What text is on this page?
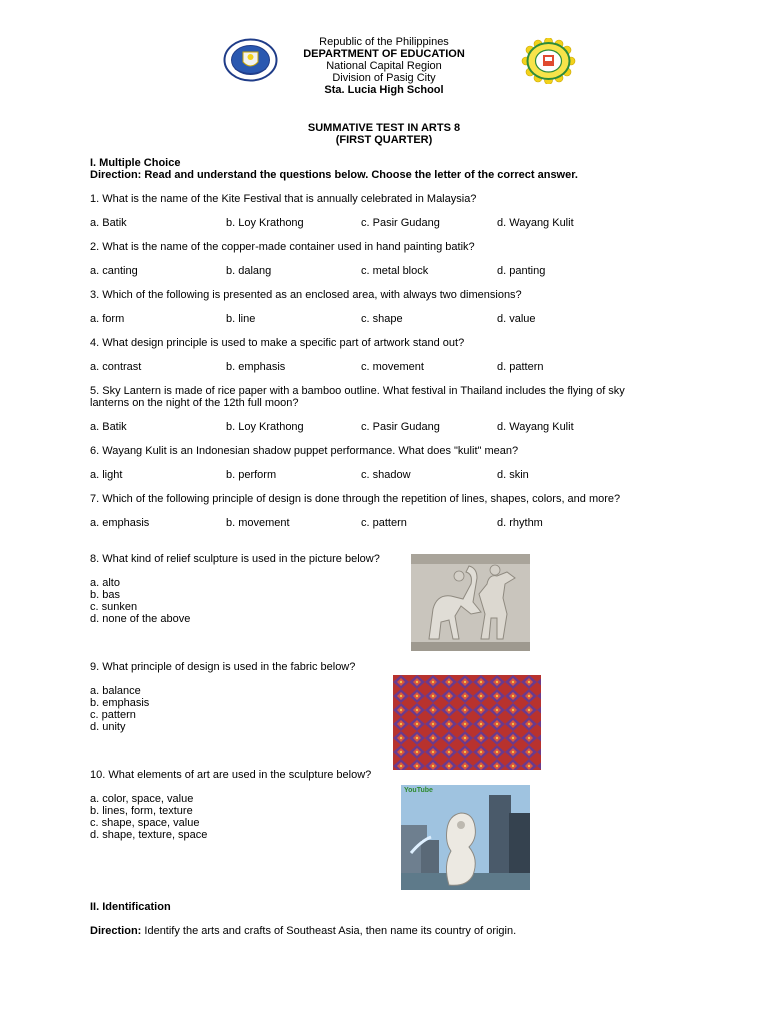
Republic of the Philippines
DEPARTMENT OF EDUCATION
National Capital Region
Division of Pasig City
Sta. Lucia High School
SUMMATIVE TEST IN ARTS 8
(FIRST QUARTER)
I. Multiple Choice
Direction: Read and understand the questions below. Choose the letter of the correct answer.
1. What is the name of the Kite Festival that is annually celebrated in Malaysia?
a. Batik	b. Loy Krathong	c. Pasir Gudang	d. Wayang Kulit
2. What is the name of the copper-made container used in hand painting batik?
a. canting	b. dalang	c. metal block	d. panting
3. Which of the following is presented as an enclosed area, with always two dimensions?
a. form	b. line	c. shape	d. value
4. What design principle is used to make a specific part of artwork stand out?
a. contrast	b. emphasis	c. movement	d. pattern
5. Sky Lantern is made of rice paper with a bamboo outline. What festival in Thailand includes the flying of sky lanterns on the night of the 12th full moon?
a. Batik	b. Loy Krathong	c. Pasir Gudang	d. Wayang Kulit
6. Wayang Kulit is an Indonesian shadow puppet performance. What does "kulit" mean?
a. light	b. perform	c. shadow	d. skin
7. Which of the following principle of design is done through the repetition of lines, shapes, colors, and more?
a. emphasis	b. movement	c. pattern	d. rhythm
8. What kind of relief sculpture is used in the picture below?
a. alto
b. bas
c. sunken
d. none of the above
9. What principle of design is used in the fabric below?
a. balance
b. emphasis
c. pattern
d. unity
10. What elements of art are used in the sculpture below?
a. color, space, value
b. lines, form, texture
c. shape, space, value
d. shape, texture, space
YouTube
II. Identification
Direction: Identify the arts and crafts of Southeast Asia, then name its country of origin.
